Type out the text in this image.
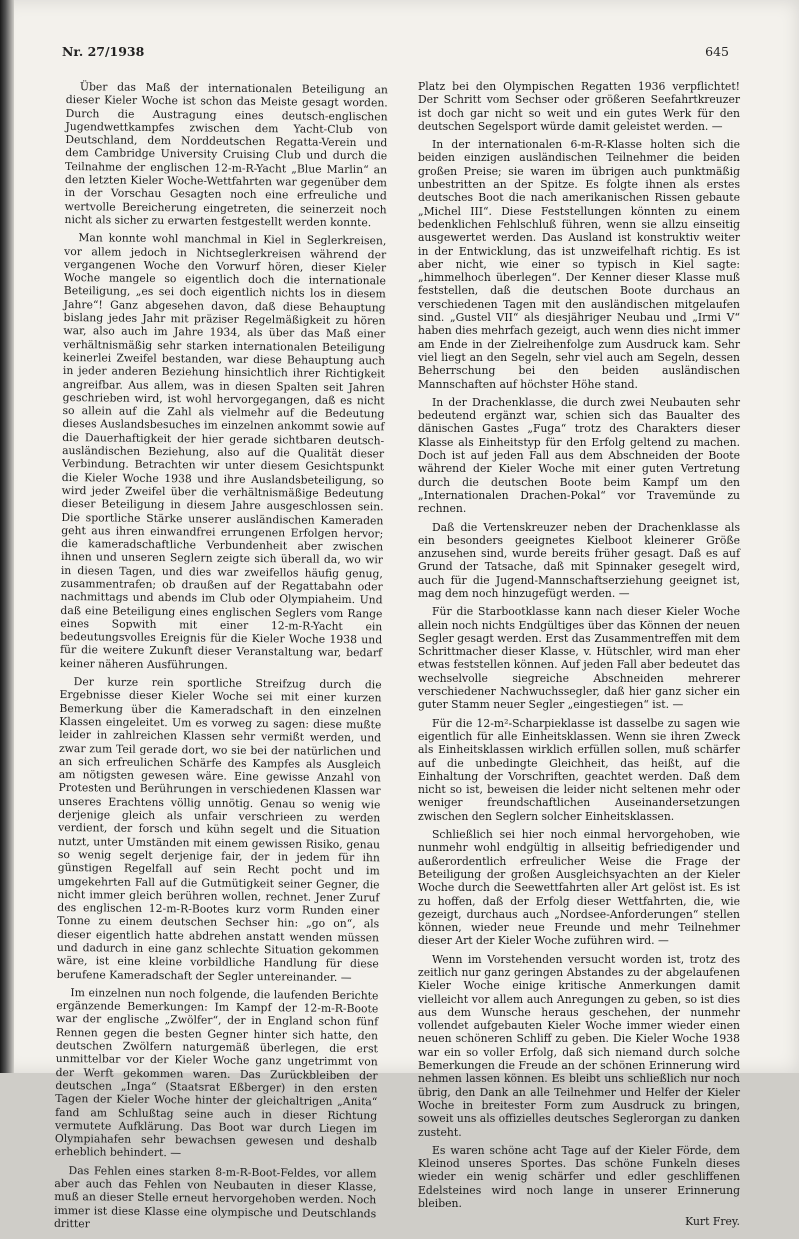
Nr. 27/1938	645

Über das Maß der internationalen Beteiligung an dieser Kieler Woche ist schon das Meiste gesagt worden. Durch die Austragung eines deutsch-englischen Jugendwettkampfes zwischen dem Yacht-Club von Deutschland, dem Norddeutschen Regatta-Verein und dem Cambridge University Cruising Club und durch die Teilnahme der englischen 12-m-R-Yacht „Blue Marlin“ an den letzten Kieler Woche-Wettfahrten war gegenüber dem in der Vorschau Gesagten noch eine erfreuliche und wertvolle Bereicherung eingetreten, die seinerzeit noch nicht als sicher zu erwarten festgestellt werden konnte.

Man konnte wohl manchmal in Kiel in Seglerkreisen, vor allem jedoch in Nichtseglerkreisen während der vergangenen Woche den Vorwurf hören, dieser Kieler Woche mangele so eigentlich doch die internationale Beteiligung, „es sei doch eigentlich nichts los in diesem Jahre“! Ganz abgesehen davon, daß diese Behauptung bislang jedes Jahr mit präziser Regelmäßigkeit zu hören war, also auch im Jahre 1934, als über das Maß einer verhältnismäßig sehr starken internationalen Beteiligung keinerlei Zweifel bestanden, war diese Behauptung auch in jeder anderen Beziehung hinsichtlich ihrer Richtigkeit angreifbar. Aus allem, was in diesen Spalten seit Jahren geschrieben wird, ist wohl hervorgegangen, daß es nicht so allein auf die Zahl als vielmehr auf die Bedeutung dieses Auslandsbesuches im einzelnen ankommt sowie auf die Dauerhaftigkeit der hier gerade sichtbaren deutsch-ausländischen Beziehung, also auf die Qualität dieser Verbindung. Betrachten wir unter diesem Gesichtspunkt die Kieler Woche 1938 und ihre Auslandsbeteiligung, so wird jeder Zweifel über die verhältnismäßige Bedeutung dieser Beteiligung in diesem Jahre ausgeschlossen sein. Die sportliche Stärke unserer ausländischen Kameraden geht aus ihren einwandfrei errungenen Erfolgen hervor; die kameradschaftliche Verbundenheit aber zwischen ihnen und unseren Seglern zeigte sich überall da, wo wir in diesen Tagen, und dies war zweifellos häufig genug, zusammentrafen; ob draußen auf der Regattabahn oder nachmittags und abends im Club oder Olympiaheim. Und daß eine Beteiligung eines englischen Seglers vom Range eines Sopwith mit einer 12-m-R-Yacht ein bedeutungsvolles Ereignis für die Kieler Woche 1938 und für die weitere Zukunft dieser Veranstaltung war, bedarf keiner näheren Ausführungen.

Der kurze rein sportliche Streifzug durch die Ergebnisse dieser Kieler Woche sei mit einer kurzen Bemerkung über die Kameradschaft in den einzelnen Klassen eingeleitet. Um es vorweg zu sagen: diese mußte leider in zahlreichen Klassen sehr vermißt werden, und zwar zum Teil gerade dort, wo sie bei der natürlichen und an sich erfreulichen Schärfe des Kampfes als Ausgleich am nötigsten gewesen wäre. Eine gewisse Anzahl von Protesten und Berührungen in verschiedenen Klassen war unseres Erachtens völlig unnötig. Genau so wenig wie derjenige gleich als unfair verschrieen zu werden verdient, der forsch und kühn segelt und die Situation nutzt, unter Umständen mit einem gewissen Risiko, genau so wenig segelt derjenige fair, der in jedem für ihn günstigen Regelfall auf sein Recht pocht und im umgekehrten Fall auf die Gutmütigkeit seiner Gegner, die nicht immer gleich berühren wollen, rechnet. Jener Zuruf des englischen 12-m-R-Bootes kurz vorm Runden einer Tonne zu einem deutschen Sechser hin: „go on“, als dieser eigentlich hatte abdrehen anstatt wenden müssen und dadurch in eine ganz schlechte Situation gekommen wäre, ist eine kleine vorbildliche Handlung für diese berufene Kameradschaft der Segler untereinander. —

Im einzelnen nun noch folgende, die laufenden Berichte ergänzende Bemerkungen: Im Kampf der 12-m-R-Boote war der englische „Zwölfer“, der in England schon fünf Rennen gegen die besten Gegner hinter sich hatte, den deutschen Zwölfern naturgemäß überlegen, die erst unmittelbar vor der Kieler Woche ganz ungetrimmt von der Werft gekommen waren. Das Zurückbleiben der deutschen „Inga“ (Staatsrat Eßberger) in den ersten Tagen der Kieler Woche hinter der gleichaltrigen „Anita“ fand am Schlußtag seine auch in dieser Richtung vermutete Aufklärung. Das Boot war durch Liegen im Olympiahafen sehr bewachsen gewesen und deshalb erheblich behindert. —

Das Fehlen eines starken 8-m-R-Boot-Feldes, vor allem aber auch das Fehlen von Neubauten in dieser Klasse, muß an dieser Stelle erneut hervorgehoben werden. Noch immer ist diese Klasse eine olympische und Deutschlands dritter

Platz bei den Olympischen Regatten 1936 verpflichtet! Der Schritt vom Sechser oder größeren Seefahrtkreuzer ist doch gar nicht so weit und ein gutes Werk für den deutschen Segelsport würde damit geleistet werden. —

In der internationalen 6-m-R-Klasse holten sich die beiden einzigen ausländischen Teilnehmer die beiden großen Preise; sie waren im übrigen auch punktmäßig unbestritten an der Spitze. Es folgte ihnen als erstes deutsches Boot die nach amerikanischen Rissen gebaute „Michel III“. Diese Feststellungen könnten zu einem bedenklichen Fehlschluß führen, wenn sie allzu einseitig ausgewertet werden. Das Ausland ist konstruktiv weiter in der Entwicklung, das ist unzweifelhaft richtig. Es ist aber nicht, wie einer so typisch in Kiel sagte: „himmelhoch überlegen“. Der Kenner dieser Klasse muß feststellen, daß die deutschen Boote durchaus an verschiedenen Tagen mit den ausländischen mitgelaufen sind. „Gustel VII“ als diesjähriger Neubau und „Irmi V“ haben dies mehrfach gezeigt, auch wenn dies nicht immer am Ende in der Zielreihenfolge zum Ausdruck kam. Sehr viel liegt an den Segeln, sehr viel auch am Segeln, dessen Beherrschung bei den beiden ausländischen Mannschaften auf höchster Höhe stand.

In der Drachenklasse, die durch zwei Neubauten sehr bedeutend ergänzt war, schien sich das Baualter des dänischen Gastes „Fuga“ trotz des Charakters dieser Klasse als Einheitstyp für den Erfolg geltend zu machen. Doch ist auf jeden Fall aus dem Abschneiden der Boote während der Kieler Woche mit einer guten Vertretung durch die deutschen Boote beim Kampf um den „Internationalen Drachen-Pokal“ vor Travemünde zu rechnen.

Daß die Vertenskreuzer neben der Drachenklasse als ein besonders geeignetes Kielboot kleinerer Größe anzusehen sind, wurde bereits früher gesagt. Daß es auf Grund der Tatsache, daß mit Spinnaker gesegelt wird, auch für die Jugend-Mannschaftserziehung geeignet ist, mag dem noch hinzugefügt werden. —

Für die Starbootklasse kann nach dieser Kieler Woche allein noch nichts Endgültiges über das Können der neuen Segler gesagt werden. Erst das Zusammentreffen mit dem Schrittmacher dieser Klasse, v. Hütschler, wird man eher etwas feststellen können. Auf jeden Fall aber bedeutet das wechselvolle siegreiche Abschneiden mehrerer verschiedener Nachwuchssegler, daß hier ganz sicher ein guter Stamm neuer Segler „eingestiegen“ ist. —

Für die 12-m²-Scharpieklasse ist dasselbe zu sagen wie eigentlich für alle Einheitsklassen. Wenn sie ihren Zweck als Einheitsklassen wirklich erfüllen sollen, muß schärfer auf die unbedingte Gleichheit, das heißt, auf die Einhaltung der Vorschriften, geachtet werden. Daß dem nicht so ist, beweisen die leider nicht seltenen mehr oder weniger freundschaftlichen Auseinandersetzungen zwischen den Seglern solcher Einheitsklassen.

Schließlich sei hier noch einmal hervorgehoben, wie nunmehr wohl endgültig in allseitig befriedigender und außerordentlich erfreulicher Weise die Frage der Beteiligung der großen Ausgleichsyachten an der Kieler Woche durch die Seewettfahrten aller Art gelöst ist. Es ist zu hoffen, daß der Erfolg dieser Wettfahrten, die, wie gezeigt, durchaus auch „Nordsee-Anforderungen“ stellen können, wieder neue Freunde und mehr Teilnehmer dieser Art der Kieler Woche zuführen wird. —

Wenn im Vorstehenden versucht worden ist, trotz des zeitlich nur ganz geringen Abstandes zu der abgelaufenen Kieler Woche einige kritische Anmerkungen damit vielleicht vor allem auch Anregungen zu geben, so ist dies aus dem Wunsche heraus geschehen, der nunmehr vollendet aufgebauten Kieler Woche immer wieder einen neuen schöneren Schliff zu geben. Die Kieler Woche 1938 war ein so voller Erfolg, daß sich niemand durch solche Bemerkungen die Freude an der schönen Erinnerung wird nehmen lassen können. Es bleibt uns schließlich nur noch übrig, den Dank an alle Teilnehmer und Helfer der Kieler Woche in breitester Form zum Ausdruck zu bringen, soweit uns als offizielles deutsches Seglerorgan zu danken zusteht.

Es waren schöne acht Tage auf der Kieler Förde, dem Kleinod unseres Sportes. Das schöne Funkeln dieses wieder ein wenig schärfer und edler geschliffenen Edelsteines wird noch lange in unserer Erinnerung bleiben.

Kurt Frey.
